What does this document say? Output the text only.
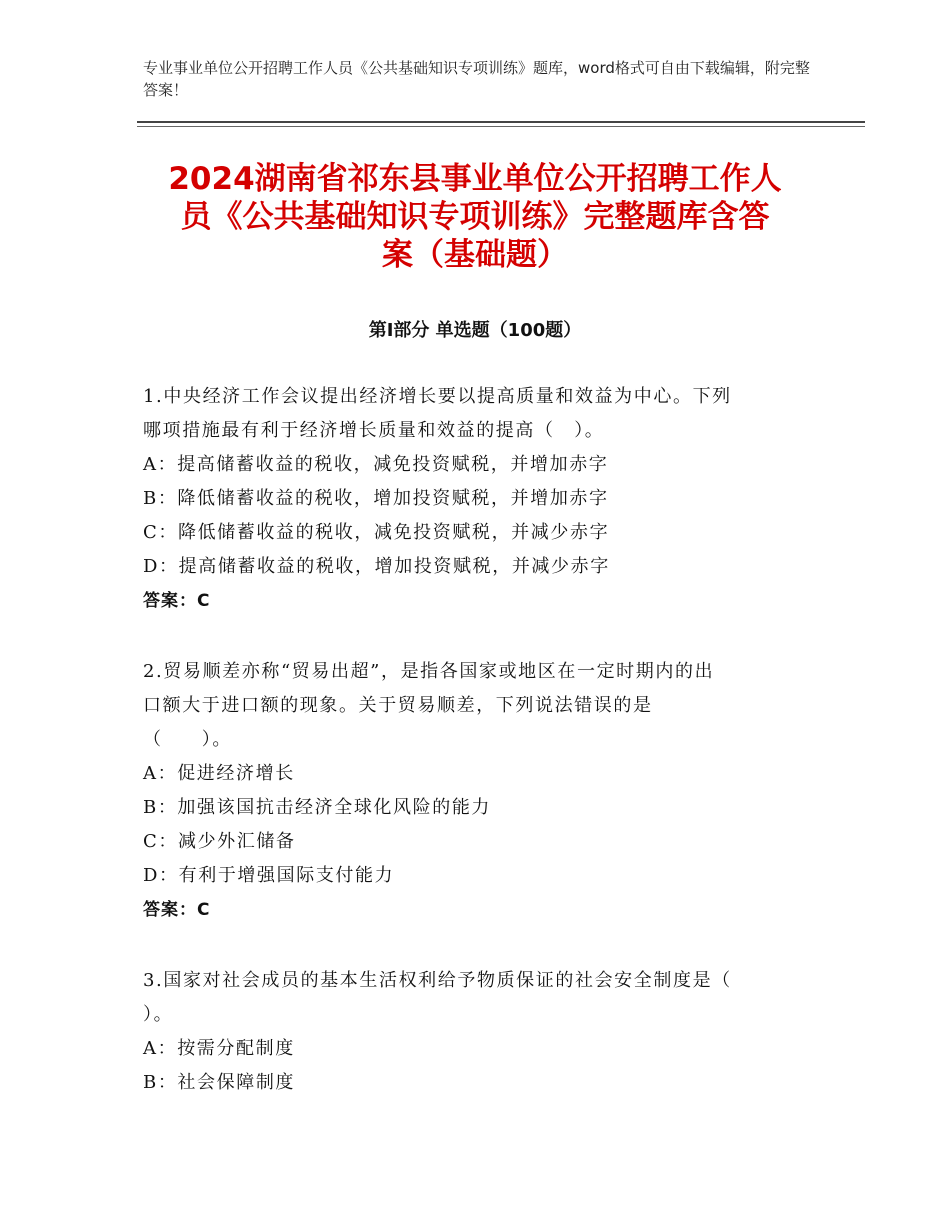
专业事业单位公开招聘工作人员《公共基础知识专项训练》题库，word格式可自由下载编辑，附完整答案！
2024湖南省祁东县事业单位公开招聘工作人
员《公共基础知识专项训练》完整题库含答
案（基础题）
第Ⅰ部分 单选题（100题）
1.中央经济工作会议提出经济增长要以提高质量和效益为中心。下列
哪项措施最有利于经济增长质量和效益的提高（　）。
A：提高储蓄收益的税收，减免投资赋税，并增加赤字
B：降低储蓄收益的税收，增加投资赋税，并增加赤字
C：降低储蓄收益的税收，减免投资赋税，并减少赤字
D：提高储蓄收益的税收，增加投资赋税，并减少赤字
答案：C
2.贸易顺差亦称“贸易出超”，是指各国家或地区在一定时期内的出
口额大于进口额的现象。关于贸易顺差，下列说法错误的是
（　　）。
A：促进经济增长
B：加强该国抗击经济全球化风险的能力
C：减少外汇储备
D：有利于增强国际支付能力
答案：C
3.国家对社会成员的基本生活权利给予物质保证的社会安全制度是（
）。
A：按需分配制度
B：社会保障制度
